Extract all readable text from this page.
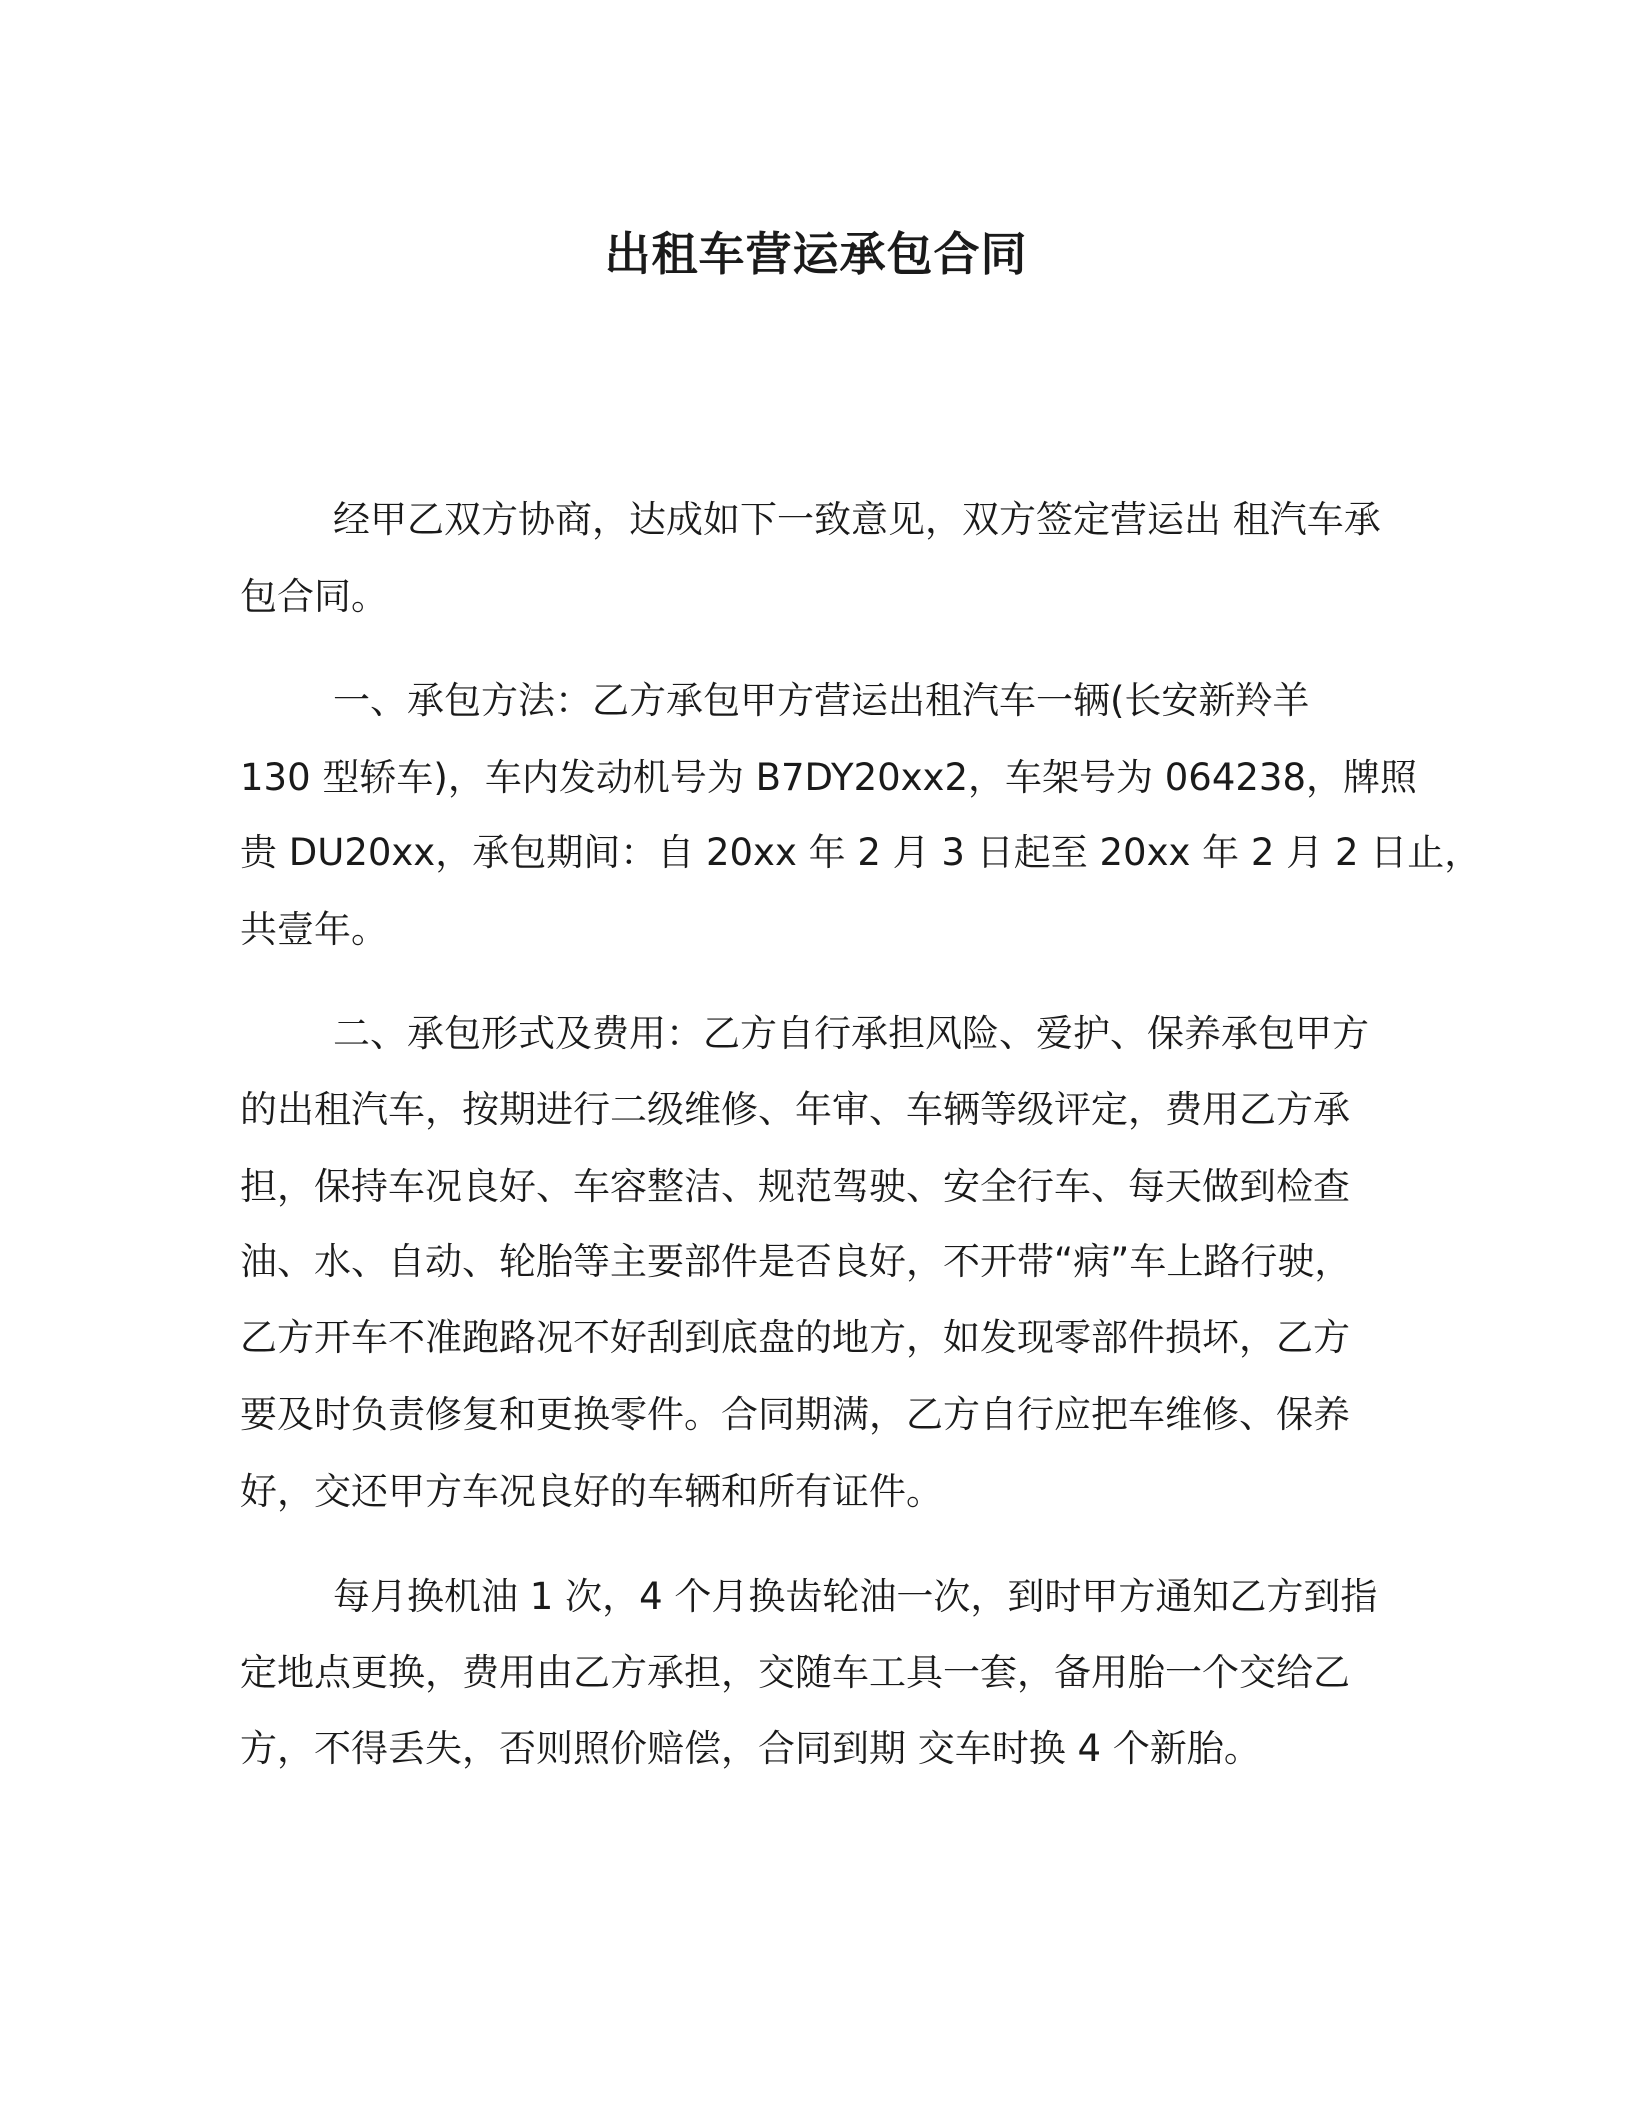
出租车营运承包合同

经甲乙双方协商，达成如下一致意见，双方签定营运出 租汽车承

包合同。

一、承包方法：乙方承包甲方营运出租汽车一辆(长安新羚羊

130 型轿车)，车内发动机号为 B7DY20xx2，车架号为 064238，牌照

贵 DU20xx，承包期间：自 20xx 年 2 月 3 日起至 20xx 年 2 月 2 日止，

共壹年。

二、承包形式及费用：乙方自行承担风险、爱护、保养承包甲方

的出租汽车，按期进行二级维修、年审、车辆等级评定，费用乙方承

担，保持车况良好、车容整洁、规范驾驶、安全行车、每天做到检查

油、水、自动、轮胎等主要部件是否良好，不开带“病”车上路行驶，

乙方开车不准跑路况不好刮到底盘的地方，如发现零部件损坏，乙方

要及时负责修复和更换零件。合同期满，乙方自行应把车维修、保养

好，交还甲方车况良好的车辆和所有证件。

每月换机油 1 次，4 个月换齿轮油一次，到时甲方通知乙方到指

定地点更换，费用由乙方承担，交随车工具一套，备用胎一个交给乙

方，不得丢失，否则照价赔偿，合同到期 交车时换 4 个新胎。
